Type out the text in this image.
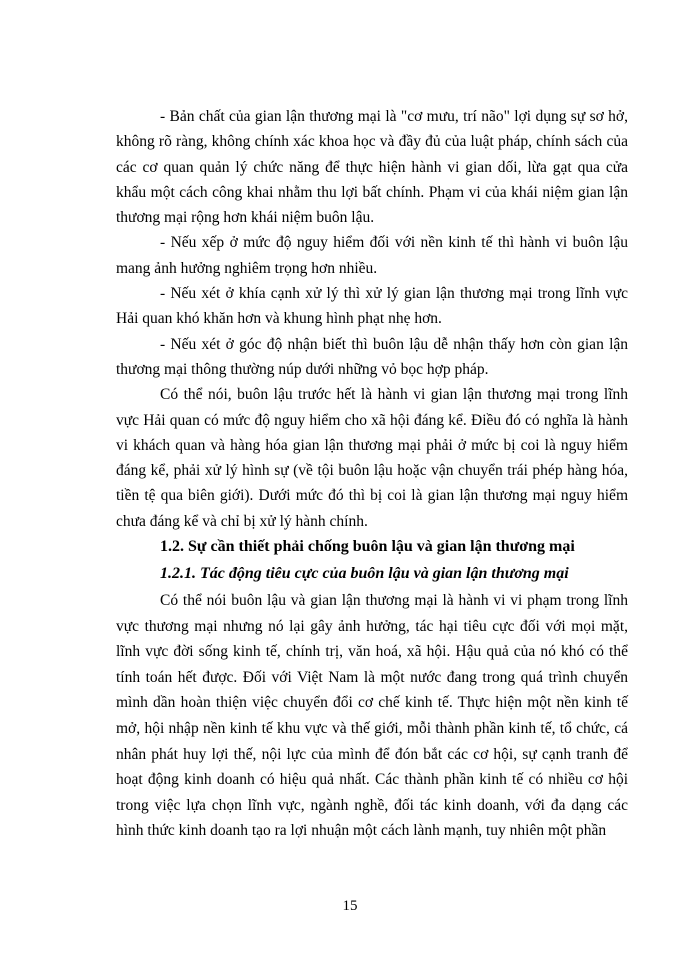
- Bản chất của gian lận thương mại là "cơ mưu, trí não" lợi dụng sự sơ hở, không rõ ràng, không chính xác khoa học và đầy đủ của luật pháp, chính sách của các cơ quan quản lý chức năng để thực hiện hành vi gian dối, lừa gạt qua cửa khẩu một cách công khai nhằm thu lợi bất chính. Phạm vi của khái niệm gian lận thương mại rộng hơn khái niệm buôn lậu.

- Nếu xếp ở mức độ nguy hiểm đối với nền kinh tế thì hành vi buôn lậu mang ảnh hưởng nghiêm trọng hơn nhiều.

- Nếu xét ở khía cạnh xử lý thì xử lý gian lận thương mại trong lĩnh vực Hải quan khó khăn hơn và khung hình phạt nhẹ hơn.

- Nếu xét ở góc độ nhận biết thì buôn lậu dễ nhận thấy hơn còn gian lận thương mại thông thường núp dưới những vỏ bọc hợp pháp.

Có thể nói, buôn lậu trước hết là hành vi gian lận thương mại trong lĩnh vực Hải quan có mức độ nguy hiểm cho xã hội đáng kể. Điều đó có nghĩa là hành vi khách quan và hàng hóa gian lận thương mại phải ở mức bị coi là nguy hiểm đáng kể, phải xử lý hình sự (về tội buôn lậu hoặc vận chuyển trái phép hàng hóa, tiền tệ qua biên giới). Dưới mức đó thì bị coi là gian lận thương mại nguy hiểm chưa đáng kể và chỉ bị xử lý hành chính.

1.2. Sự cần thiết phải chống buôn lậu và gian lận thương mại
1.2.1. Tác động tiêu cực của buôn lậu và gian lận thương mại

Có thể nói buôn lậu và gian lận thương mại là hành vi vi phạm trong lĩnh vực thương mại nhưng nó lại gây ảnh hưởng, tác hại tiêu cực đối với mọi mặt, lĩnh vực đời sống kinh tế, chính trị, văn hoá, xã hội. Hậu quả của nó khó có thể tính toán hết được. Đối với Việt Nam là một nước đang trong quá trình chuyển mình dần hoàn thiện việc chuyển đổi cơ chế kinh tế. Thực hiện một nền kinh tế mở, hội nhập nền kinh tế khu vực và thế giới, mỗi thành phần kinh tế, tổ chức, cá nhân phát huy lợi thế, nội lực của mình để đón bắt các cơ hội, sự cạnh tranh để hoạt động kinh doanh có hiệu quả nhất. Các thành phần kinh tế có nhiều cơ hội trong việc lựa chọn lĩnh vực, ngành nghề, đối tác kinh doanh, với đa dạng các hình thức kinh doanh tạo ra lợi nhuận một cách lành mạnh, tuy nhiên một phần

15
